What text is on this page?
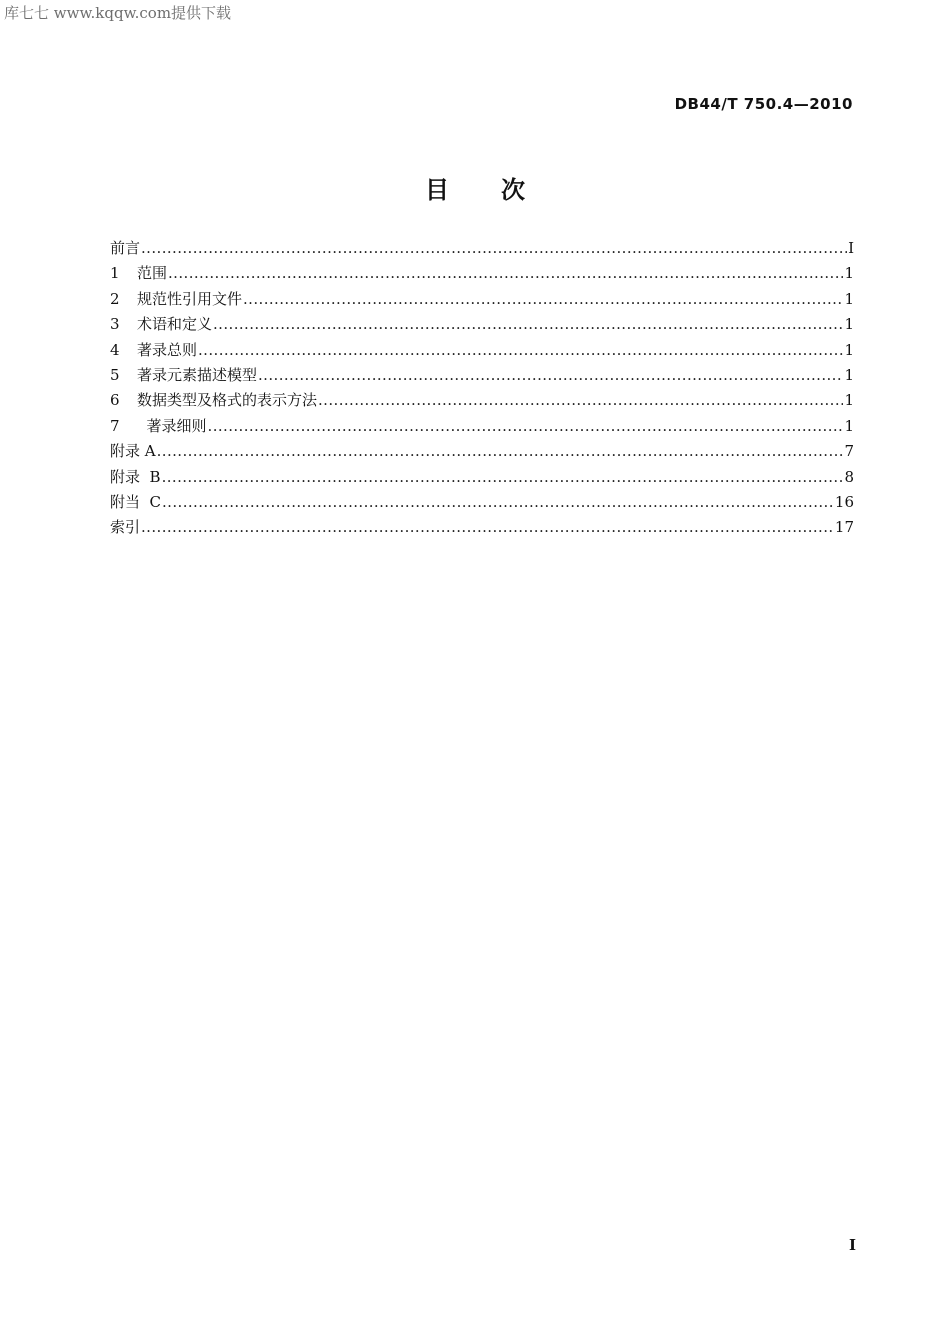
库七七 www.kqqw.com提供下载
DB44/T 750.4—2010
目次
前言 .....	I
1	范围 .....	1
2	规范性引用文件 .....	1
3	术语和定义 .....	1
4	著录总则 .....	1
5	著录元素描述模型 .....	1
6	数据类型及格式的表示方法 .....	1
7	著录细则 .....	1
附录 A .....	7
附录  B .....	8
附当  C .....	16
索引 .....	17
I
